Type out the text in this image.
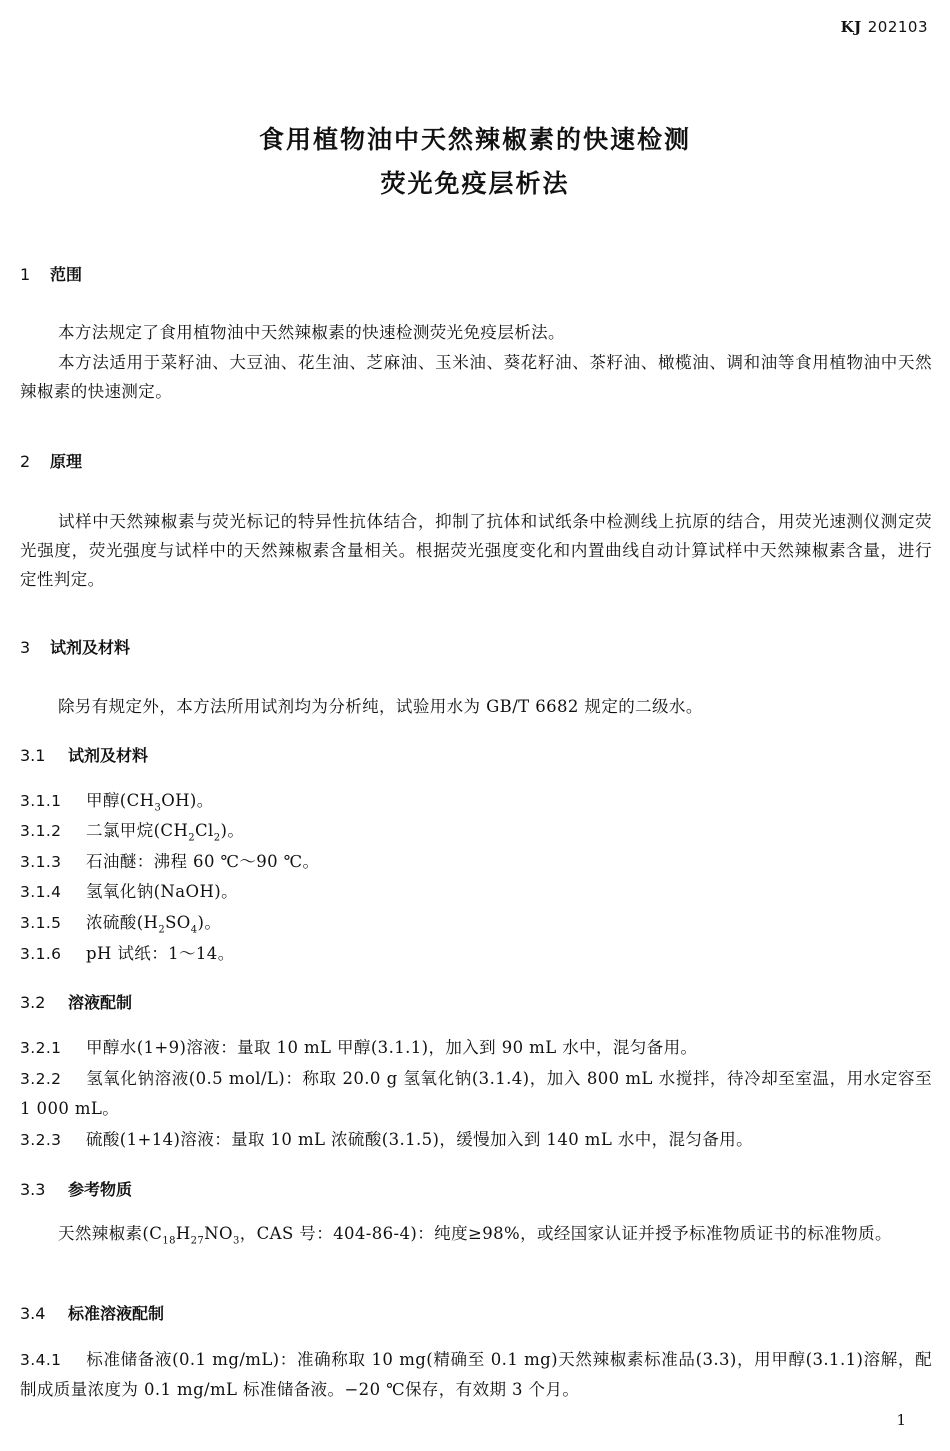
KJ 202103
食用植物油中天然辣椒素的快速检测
荧光免疫层析法
1 范围
本方法规定了食用植物油中天然辣椒素的快速检测荧光免疫层析法。
本方法适用于菜籽油、大豆油、花生油、芝麻油、玉米油、葵花籽油、茶籽油、橄榄油、调和油等食用植物油中天然辣椒素的快速测定。
2 原理
试样中天然辣椒素与荧光标记的特异性抗体结合，抑制了抗体和试纸条中检测线上抗原的结合，用荧光速测仪测定荧光强度，荧光强度与试样中的天然辣椒素含量相关。根据荧光强度变化和内置曲线自动计算试样中天然辣椒素含量，进行定性判定。
3 试剂及材料
除另有规定外，本方法所用试剂均为分析纯，试验用水为 GB/T 6682 规定的二级水。
3.1 试剂及材料
3.1.1 甲醇$(CH_3OH)$。
3.1.2 二氯甲烷$(CH_2Cl_2)$。
3.1.3 石油醚：沸程 60 ℃～90 ℃。
3.1.4 氢氧化钠(NaOH)。
3.1.5 浓硫酸$(H_2SO_4)$。
3.1.6 pH 试纸：1～14。
3.2 溶液配制
3.2.1 甲醇水(1+9)溶液：量取 10 mL 甲醇(3.1.1)，加入到 90 mL 水中，混匀备用。
3.2.2 氢氧化钠溶液(0.5 mol/L)：称取 20.0 g 氢氧化钠(3.1.4)，加入 800 mL 水搅拌，待冷却至室温，用水定容至 1 000 mL。
3.2.3 硫酸(1+14)溶液：量取 10 mL 浓硫酸(3.1.5)，缓慢加入到 140 mL 水中，混匀备用。
3.3 参考物质
天然辣椒素($C_{18}H_{27}NO_3$，CAS 号：404-86-4)：纯度≥98%，或经国家认证并授予标准物质证书的标准物质。
3.4 标准溶液配制
3.4.1 标准储备液(0.1 mg/mL)：准确称取 10 mg(精确至 0.1 mg)天然辣椒素标准品(3.3)，用甲醇(3.1.1)溶解，配制成质量浓度为 0.1 mg/mL 标准储备液。−20 ℃保存，有效期 3 个月。
1
